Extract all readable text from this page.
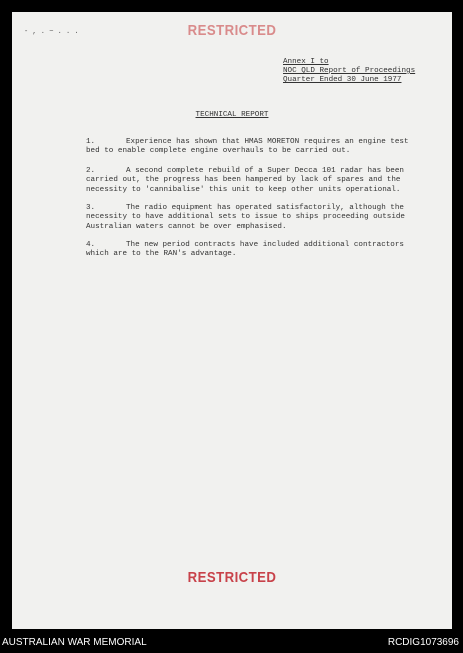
RESTRICTED
- , . ~ . . .
Annex I to
NOC QLD Report of Proceedings
Quarter Ended 30 June 1977
TECHNICAL REPORT
1.	Experience has shown that HMAS MORETON requires an engine test
bed to enable complete engine overhauls to be carried out.
2.	A second complete rebuild of a Super Decca 101 radar has been
carried out, the progress has been hampered by lack of spares and the
necessity to 'cannibalise' this unit to keep other units operational.
3.	The radio equipment has operated satisfactorily, although the
necessity to have additional sets to issue to ships proceeding outside
Australian waters cannot be over emphasised.
4.	The new period contracts have included additional contractors
which are to the RAN's advantage.
RESTRICTED
AUSTRALIAN WAR MEMORIAL	RCDIG1073696
